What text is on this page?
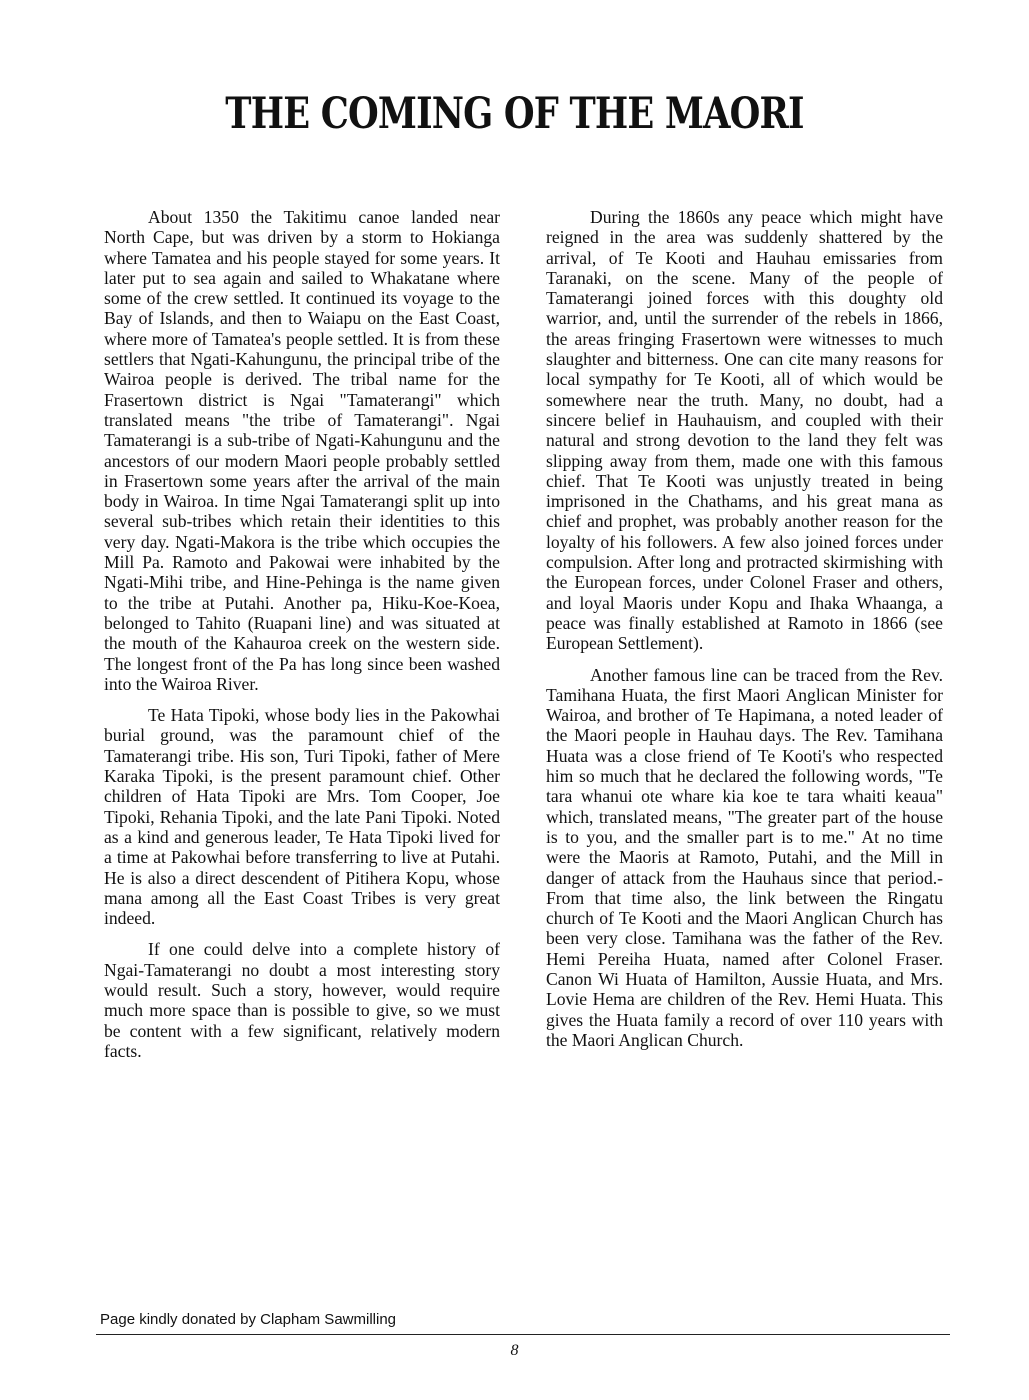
THE COMING OF THE MAORI

About 1350 the Takitimu canoe landed near North Cape, but was driven by a storm to Hokianga where Tamatea and his people stayed for some years. It later put to sea again and sailed to Whakatane where some of the crew settled. It continued its voyage to the Bay of Islands, and then to Waiapu on the East Coast, where more of Tamatea's people settled. It is from these settlers that Ngati-Kahungunu, the principal tribe of the Wairoa people is derived. The tribal name for the Frasertown district is Ngai "Tamaterangi" which translated means "the tribe of Tamaterangi". Ngai Tamaterangi is a sub-tribe of Ngati-Kahungunu and the ancestors of our modern Maori people probably settled in Frasertown some years after the arrival of the main body in Wairoa. In time Ngai Tamaterangi split up into several sub-tribes which retain their identities to this very day. Ngati-Makora is the tribe which occupies the Mill Pa. Ramoto and Pakowai were inhabited by the Ngati-Mihi tribe, and Hine-Pehinga is the name given to the tribe at Putahi. Another pa, Hiku-Koe-Koea, belonged to Tahito (Ruapani line) and was situated at the mouth of the Kahauroa creek on the western side. The longest front of the Pa has long since been washed into the Wairoa River.

Te Hata Tipoki, whose body lies in the Pakowhai burial ground, was the paramount chief of the Tamaterangi tribe. His son, Turi Tipoki, father of Mere Karaka Tipoki, is the present paramount chief. Other children of Hata Tipoki are Mrs. Tom Cooper, Joe Tipoki, Rehania Tipoki, and the late Pani Tipoki. Noted as a kind and generous leader, Te Hata Tipoki lived for a time at Pakowhai before transferring to live at Putahi. He is also a direct descendent of Pitihera Kopu, whose mana among all the East Coast Tribes is very great indeed.

If one could delve into a complete history of Ngai-Tamaterangi no doubt a most interesting story would result. Such a story, however, would require much more space than is possible to give, so we must be content with a few significant, relatively modern facts.

During the 1860s any peace which might have reigned in the area was suddenly shattered by the arrival, of Te Kooti and Hauhau emissaries from Taranaki, on the scene. Many of the people of Tamaterangi joined forces with this doughty old warrior, and, until the surrender of the rebels in 1866, the areas fringing Frasertown were witnesses to much slaughter and bitterness. One can cite many reasons for local sympathy for Te Kooti, all of which would be somewhere near the truth. Many, no doubt, had a sincere belief in Hauhauism, and coupled with their natural and strong devotion to the land they felt was slipping away from them, made one with this famous chief. That Te Kooti was unjustly treated in being imprisoned in the Chathams, and his great mana as chief and prophet, was probably another reason for the loyalty of his followers. A few also joined forces under compulsion. After long and protracted skirmishing with the European forces, under Colonel Fraser and others, and loyal Maoris under Kopu and Ihaka Whaanga, a peace was finally established at Ramoto in 1866 (see European Settlement).

Another famous line can be traced from the Rev. Tamihana Huata, the first Maori Anglican Minister for Wairoa, and brother of Te Hapimana, a noted leader of the Maori people in Hauhau days. The Rev. Tamihana Huata was a close friend of Te Kooti's who respected him so much that he declared the following words, "Te tara whanui ote whare kia koe te tara whaiti keaua" which, translated means, "The greater part of the house is to you, and the smaller part is to me." At no time were the Maoris at Ramoto, Putahi, and the Mill in danger of attack from the Hauhaus since that period.-From that time also, the link between the Ringatu church of Te Kooti and the Maori Anglican Church has been very close. Tamihana was the father of the Rev. Hemi Pereiha Huata, named after Colonel Fraser. Canon Wi Huata of Hamilton, Aussie Huata, and Mrs. Lovie Hema are children of the Rev. Hemi Huata. This gives the Huata family a record of over 110 years with the Maori Anglican Church.

Page kindly donated by Clapham Sawmilling
8
